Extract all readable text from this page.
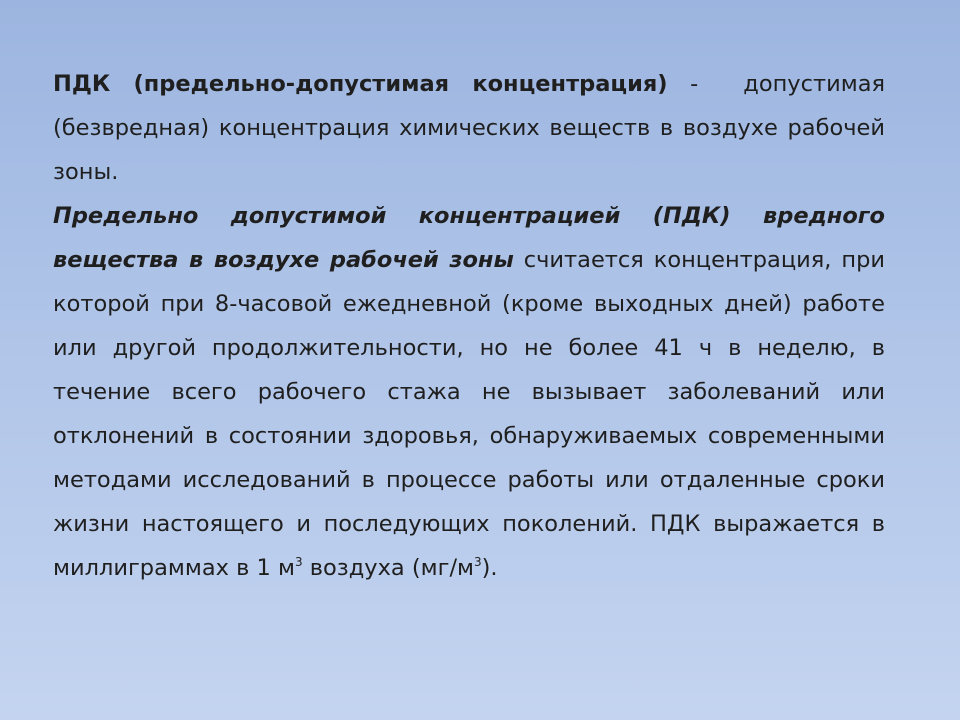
ПДК (предельно-допустимая концентрация) - допустимая (безвредная) концентрация химических веществ в воздухе рабочей зоны.

Предельно допустимой концентрацией (ПДК) вредного вещества в воздухе рабочей зоны считается концентрация, при которой при 8-часовой ежедневной (кроме выходных дней) работе или другой продолжительности, но не более 41 ч в неделю, в течение всего рабочего стажа не вызывает заболеваний или отклонений в состоянии здоровья, обнаруживаемых современными методами исследований в процессе работы или отдаленные сроки жизни настоящего и последующих поколений. ПДК выражается в миллиграммах в 1 $м^3$ воздуха $(мг/м^3)$.
